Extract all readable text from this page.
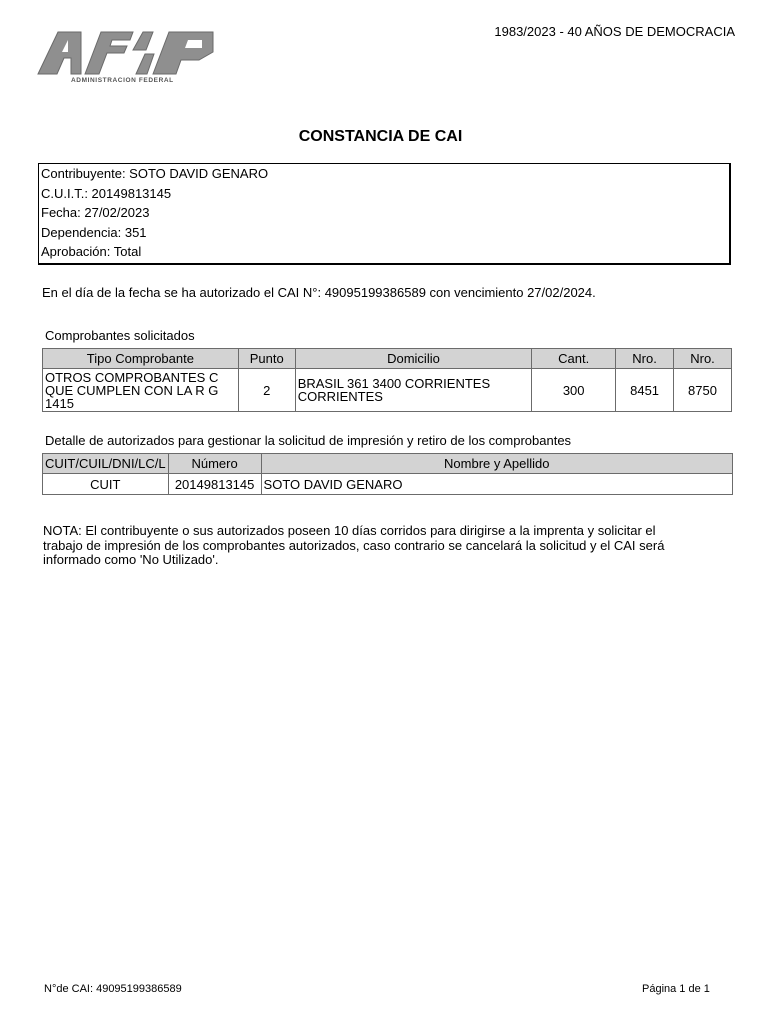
ADMINISTRACION FEDERAL
1983/2023 - 40 AÑOS DE DEMOCRACIA
CONSTANCIA DE CAI
Contribuyente: SOTO DAVID GENARO
C.U.I.T.: 20149813145
Fecha: 27/02/2023
Dependencia: 351
Aprobación: Total
En el día de la fecha se ha autorizado el CAI N°: 49095199386589 con vencimiento 27/02/2024.
Comprobantes solicitados
Tipo Comprobante	Punto	Domicilio	Cant.	Nro.	Nro.
OTROS COMPROBANTES C QUE CUMPLEN CON LA R G 1415	2	BRASIL 361 3400 CORRIENTES CORRIENTES	300	8451	8750
Detalle de autorizados para gestionar la solicitud de impresión y retiro de los comprobantes
CUIT/CUIL/DNI/LC/L	Número	Nombre y Apellido
CUIT	20149813145	SOTO DAVID GENARO
NOTA: El contribuyente o sus autorizados poseen 10 días corridos para dirigirse a la imprenta y solicitar el trabajo de impresión de los comprobantes autorizados, caso contrario se cancelará la solicitud y el CAI será informado como 'No Utilizado'.
N°de CAI: 49095199386589	Página 1 de 1
